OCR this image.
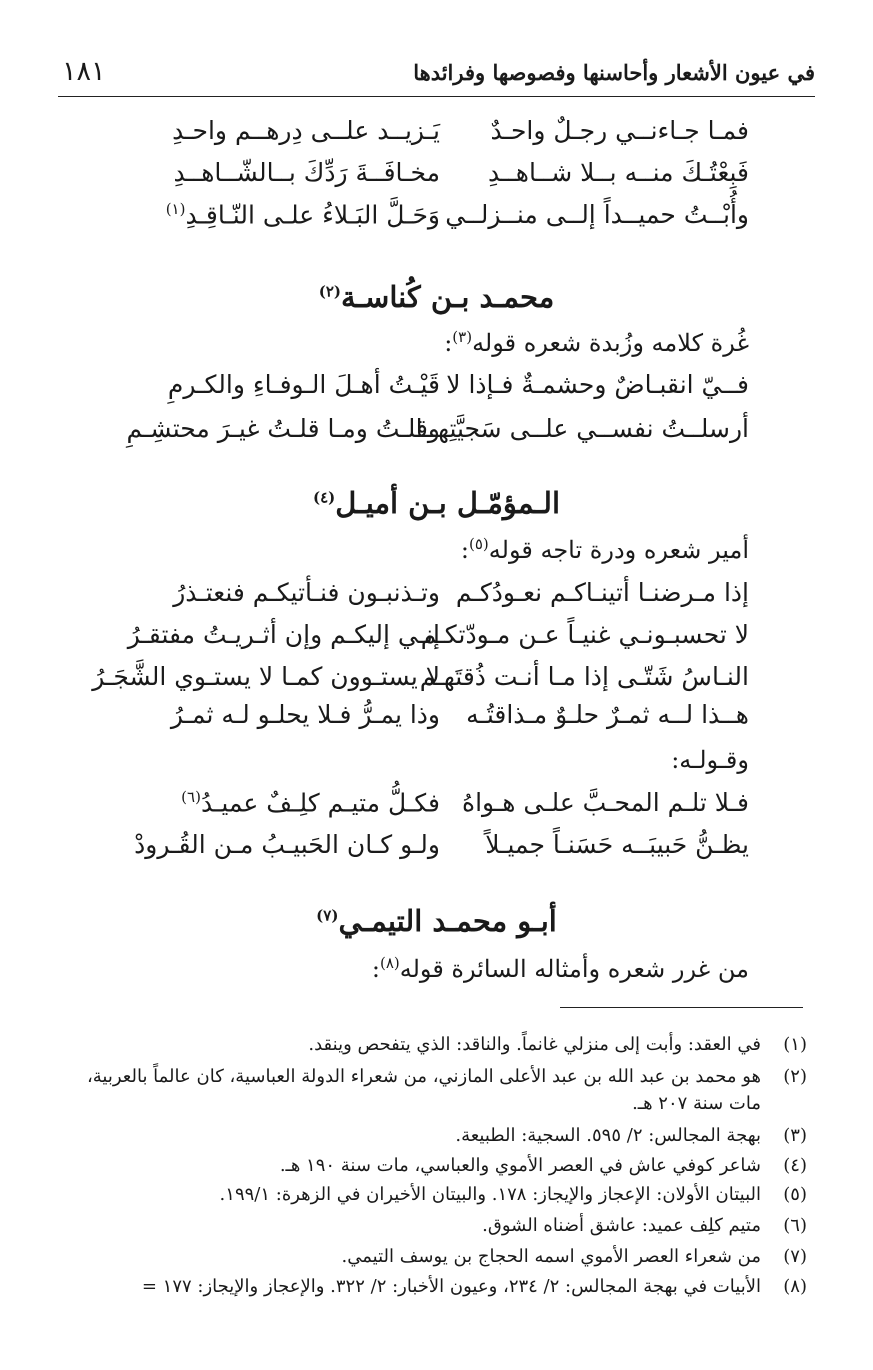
في عيون الأشعار وأحاسنها وفصوصها وفرائدها
١٨١
فمـا جـاءنــي رجـلٌ واحـدٌ
يَـزيــد علــى دِرهــم واحـدِ
فَبِعْتُـكَ منــه بــلا شــاهــدِ
مخـافَــةَ رَدِّكَ بــالشّــاهــدِ
وأُبْــتُ حميــداً إلــى منــزلــي
وَحَـلَّ البَـلاءُ علـى النّـاقِـدِ$^{(١)}$
محمـد بـن كُناسـة$^{(٢)}$
غُرة كلامه وزُبدة شعره قوله$^{(٣)}$:
فــيّ انقبـاضٌ وحشمـةٌ فـإذا لا
قَيْـتُ أهـلَ الـوفـاءِ والكـرمِ
أرسلــتُ نفســي علــى سَجيَّتِهــا
وقلـتُ ومـا قلـتُ غيـرَ محتشِـمِ
الـمؤمّـل بـن أميـل$^{(٤)}$
أمير شعره ودرة تاجه قوله$^{(٥)}$:
إذا مـرضنـا أتينـاكـم نعـودُكـم
وتـذنبـون فنـأتيكـم فنعتـذرُ
لا تحسبـونـي غنيـاً عـن مـودّتكـم
إنـي إليكـم وإن أثـريـتُ مفتقـرُ
النـاسُ شَتّـى إذا مـا أنـت ذُقتَهـم
لا يستـوون كمـا لا يستـوي الشَّجَـرُ
هــذا لــه ثمـرٌ حلـوٌ مـذاقتُـه
وذا يمـرُّ فـلا يحلـو لـه ثمـرُ
وقـولـه:
فـلا تلـم المحـبَّ علـى هـواهُ
فكـلُّ متيـم كلِـفٌ عميـدُ$^{(٦)}$
يظـنُّ حَبيبَــه حَسَنـاً جميـلاً
ولـو كـان الحَبيـبُ مـن القُـرودْ
أبـو محمـد التيمـي$^{(٧)}$
من غرر شعره وأمثاله السائرة قوله$^{(٨)}$:
(١)
في العقد: وأبت إلى منزلي غانماً. والناقد: الذي يتفحص وينقد.
(٢)
هو محمد بن عبد الله بن عبد الأعلى المازني، من شعراء الدولة العباسية، كان عالماً بالعربية، مات سنة ٢٠٧ هـ.
(٣)
بهجة المجالس: ٢/ ٥٩٥. السجية: الطبيعة.
(٤)
شاعر كوفي عاش في العصر الأموي والعباسي، مات سنة ١٩٠ هـ.
(٥)
البيتان الأولان: الإعجاز والإيجاز: ١٧٨. والبيتان الأخيران في الزهرة: ١٩٩/١.
(٦)
متيم كلِف عميد: عاشق أضناه الشوق.
(٧)
من شعراء العصر الأموي اسمه الحجاج بن يوسف التيمي.
(٨)
الأبيات في بهجة المجالس: ٢/ ٢٣٤، وعيون الأخبار: ٢/ ٣٢٢. والإعجاز والإيجاز: ١٧٧ =
